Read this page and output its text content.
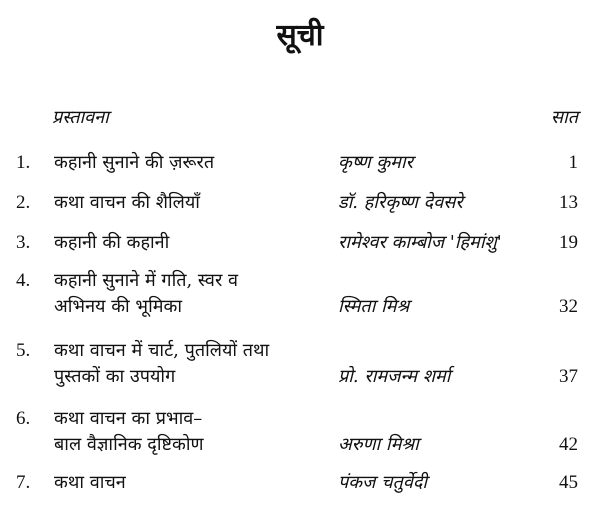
सूची
प्रस्तावना	सात
1. कहानी सुनाने की ज़रूरत	कृष्ण कुमार	1
2. कथा वाचन की शैलियाँ	डॉ. हरिकृष्ण देवसरे	13
3. कहानी की कहानी	रामेश्वर काम्बोज 'हिमांशु'	19
4. कहानी सुनाने में गति, स्वर व
अभिनय की भूमिका	स्मिता मिश्र	32
5. कथा वाचन में चार्ट, पुतलियों तथा
पुस्तकों का उपयोग	प्रो. रामजन्म शर्मा	37
6. कथा वाचन का प्रभाव–
बाल वैज्ञानिक दृष्टिकोण	अरुणा मिश्रा	42
7. कथा वाचन	पंकज चतुर्वेदी	45
